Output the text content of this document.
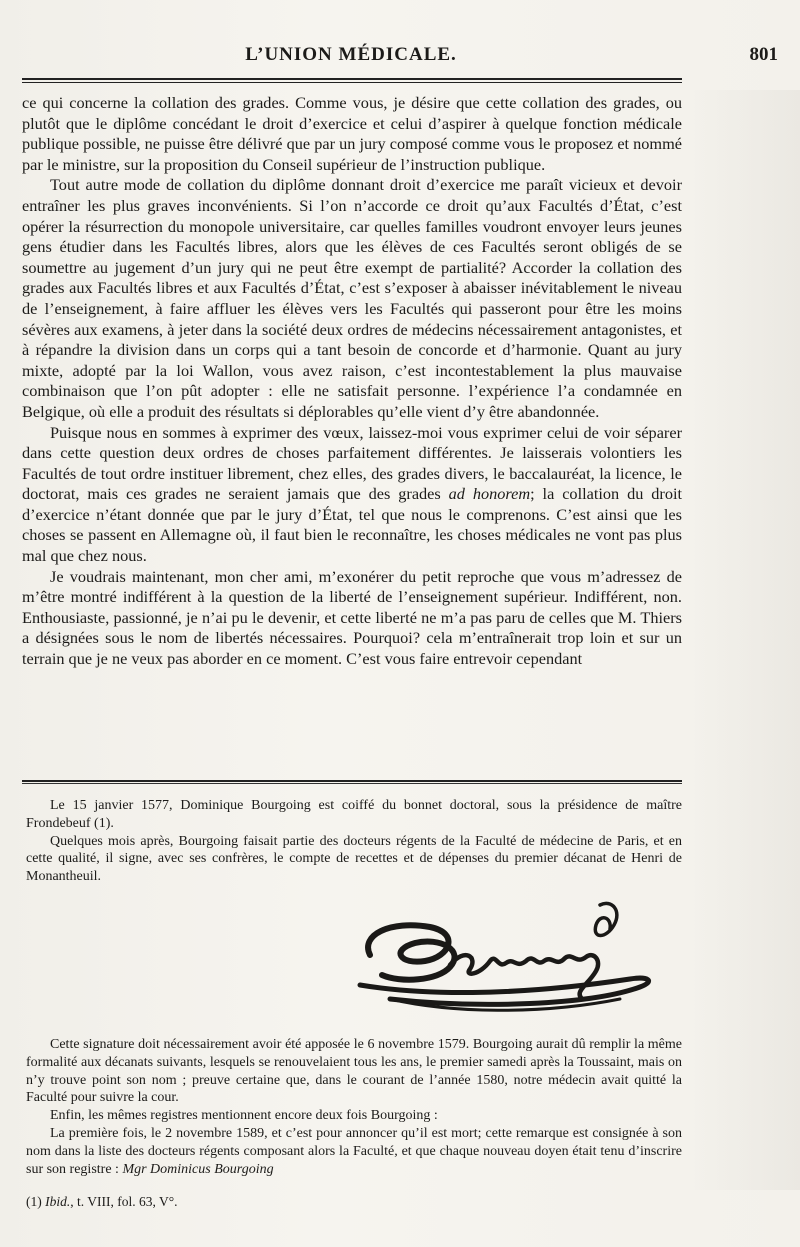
L’UNION MÉDICALE.	801

ce qui concerne la collation des grades. Comme vous, je désire que cette collation des grades, ou plutôt que le diplôme concédant le droit d’exercice et celui d’aspirer à quelque fonction médicale publique possible, ne puisse être délivré que par un jury composé comme vous le proposez et nommé par le ministre, sur la proposition du Conseil supérieur de l’instruction publique.

Tout autre mode de collation du diplôme donnant droit d’exercice me paraît vicieux et devoir entraîner les plus graves inconvénients. Si l’on n’accorde ce droit qu’aux Facultés d’État, c’est opérer la résurrection du monopole universitaire, car quelles familles voudront envoyer leurs jeunes gens étudier dans les Facultés libres, alors que les élèves de ces Facultés seront obligés de se soumettre au jugement d’un jury qui ne peut être exempt de partialité? Accorder la collation des grades aux Facultés libres et aux Facultés d’État, c’est s’exposer à abaisser inévitablement le niveau de l’enseignement, à faire affluer les élèves vers les Facultés qui passeront pour être les moins sévères aux examens, à jeter dans la société deux ordres de médecins nécessairement antagonistes, et à répandre la division dans un corps qui a tant besoin de concorde et d’harmonie. Quant au jury mixte, adopté par la loi Wallon, vous avez raison, c’est incontestablement la plus mauvaise combinaison que l’on pût adopter : elle ne satisfait personne. l’expérience l’a condamnée en Belgique, où elle a produit des résultats si déplorables qu’elle vient d’y être abandonnée.

Puisque nous en sommes à exprimer des vœux, laissez-moi vous exprimer celui de voir séparer dans cette question deux ordres de choses parfaitement différentes. Je laisserais volontiers les Facultés de tout ordre instituer librement, chez elles, des grades divers, le baccalauréat, la licence, le doctorat, mais ces grades ne seraient jamais que des grades ad honorem; la collation du droit d’exercice n’étant donnée que par le jury d’État, tel que nous le comprenons. C’est ainsi que les choses se passent en Allemagne où, il faut bien le reconnaître, les choses médicales ne vont pas plus mal que chez nous.

Je voudrais maintenant, mon cher ami, m’exonérer du petit reproche que vous m’adressez de m’être montré indifférent à la question de la liberté de l’enseignement supérieur. Indifférent, non. Enthousiaste, passionné, je n’ai pu le devenir, et cette liberté ne m’a pas paru de celles que M. Thiers a désignées sous le nom de libertés nécessaires. Pourquoi? cela m’entraînerait trop loin et sur un terrain que je ne veux pas aborder en ce moment. C’est vous faire entrevoir cependant

Le 15 janvier 1577, Dominique Bourgoing est coiffé du bonnet doctoral, sous la présidence de maître Frondebeuf (1).

Quelques mois après, Bourgoing faisait partie des docteurs régents de la Faculté de médecine de Paris, et en cette qualité, il signe, avec ses confrères, le compte de recettes et de dépenses du premier décanat de Henri de Monantheuil.

Cette signature doit nécessairement avoir été apposée le 6 novembre 1579. Bourgoing aurait dû remplir la même formalité aux décanats suivants, lesquels se renouvelaient tous les ans, le premier samedi après la Toussaint, mais on n’y trouve point son nom ; preuve certaine que, dans le courant de l’année 1580, notre médecin avait quitté la Faculté pour suivre la cour.

Enfin, les mêmes registres mentionnent encore deux fois Bourgoing :

La première fois, le 2 novembre 1589, et c’est pour annoncer qu’il est mort; cette remarque est consignée à son nom dans la liste des docteurs régents composant alors la Faculté, et que chaque nouveau doyen était tenu d’inscrire sur son registre : Mgr Dominicus Bourgoing

(1) Ibid., t. VIII, fol. 63, V°.
